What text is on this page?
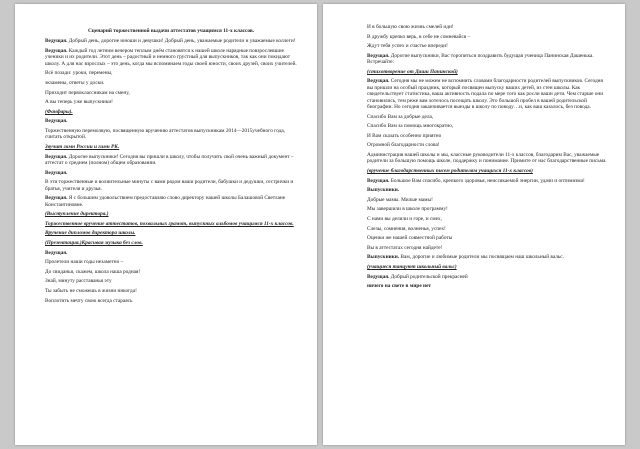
Сценарий торжественной выдачи аттестатов учащимся 11-х классов.
Ведущая. Добрый день, дорогие юноши и девушки! Добрый день, уважаемые родители и уважаемые коллеги!
Ведущая. Каждый год летним вечером теплым днём становятся к нашей школе нарядные повзрослевшие ученики и их родители. Этот день – радостный и немного грустный для выпускников, так как они покидают школу. А для нас взрослых – это день, когда мы вспоминаем годы своей юности, своих друзей, своих учителей.
Всё позади: уроки, перемены,
экзамены, ответы у доски.
Приходит первоклассникам на смену,
А вы теперь уже выпускники!
(Фанфары).
Ведущая.
Торжественную перемолвую, посвященную вручению аттестатов выпускникам 2014—2015учебного года, считать открытой.
Звучит гимн России и гимн РК.
Ведущая. Дорогие выпускники! Сегодня вы пришли в школу, чтобы получить свой очень важный документ – аттестат о среднем (полном) общем образовании.
Ведущая.
В эти торжественные и волнительные минуты с вами рядом ваши родители, бабушки и дедушки, сестрички и братья, учителя и друзья.
Ведущая. Я с большим удовольствием предоставляю слово директору нашей школы Балашовой Светлане Константиновне.
(Выступление директора.)
Торжественное вручение аттестатов, похвальных грамот, выпускных альбомов учащимся 11-х классов.
Вручение дипломов директора школы.
(Презентация.)Красивая музыка без слов.
Ведущая.
Пролетели наши годы незаметно –
До свиданья, скажем, школа наша родная!
Знай, минуту расставанья эту
Ты забыть не сможешь в жизни никогда!
Воплотить мечту свою всегда стараясь
И в большую свою жизнь смелей иди!
В дружбу крепко верь, в себе не сомневайся –
Ждут тебя успех и счастье впереди!
Ведущая. Дорогие выпускники, Вас торопиться поздравить будущая ученица Панинская Дашенька. Встречайте:
(стихотворение от Даши Панинской)
Ведущая. Сегодня мы не можем не вспомнить словами благодарности родителей выпускников. Сегодня вы пришли на особый праздник, который посвящен выпуску ваших детей, из стен школы. Как свидетельствует статистика, ваша активность подала по мере того как росли ваши дети. Чем старше они становились, тем реже вам хотелось посещать школу. Это большой пробел в вашей родительской биографии. Но сегодня заканчивается выезды в школу по поводу…и, как ваш казалось, без повода.
Спасибо Вам за добрые дела,
Спасибо Вам за помощь многократно,
И Вам сказать особенно приятно
Огромной благодарности слова!
Администрация нашей школы и мы, классные руководители 11-х классов, благодарим Вас, уважаемые родители за большую помощь школе, поддержку и понимание. Примите от нас благодарственные письма.
(вручение благодарственных писем родителям учащихся 11-х классов)
Ведущая. Большое Вам спасибо, крепкого здоровья, неиссякаемой энергии, удачи и оптимизма!
Выпускники.
Добрые мамы. Милые мамы!
Мы завершили в школе программу!
С нами вы делили и горе, и смех,
Слезы, сомнения, волненья, успех!
Оценки же нашей совместной работы
Вы в аттестатах сегодня найдете!
Выпускники. Вам, дорогие и любимые родители мы посвящаем наш школьный вальс.
(учащиеся танцуют школьный вальс)
Ведущая. Добрый родительской прекрасней
ничего на свете в мире нет
